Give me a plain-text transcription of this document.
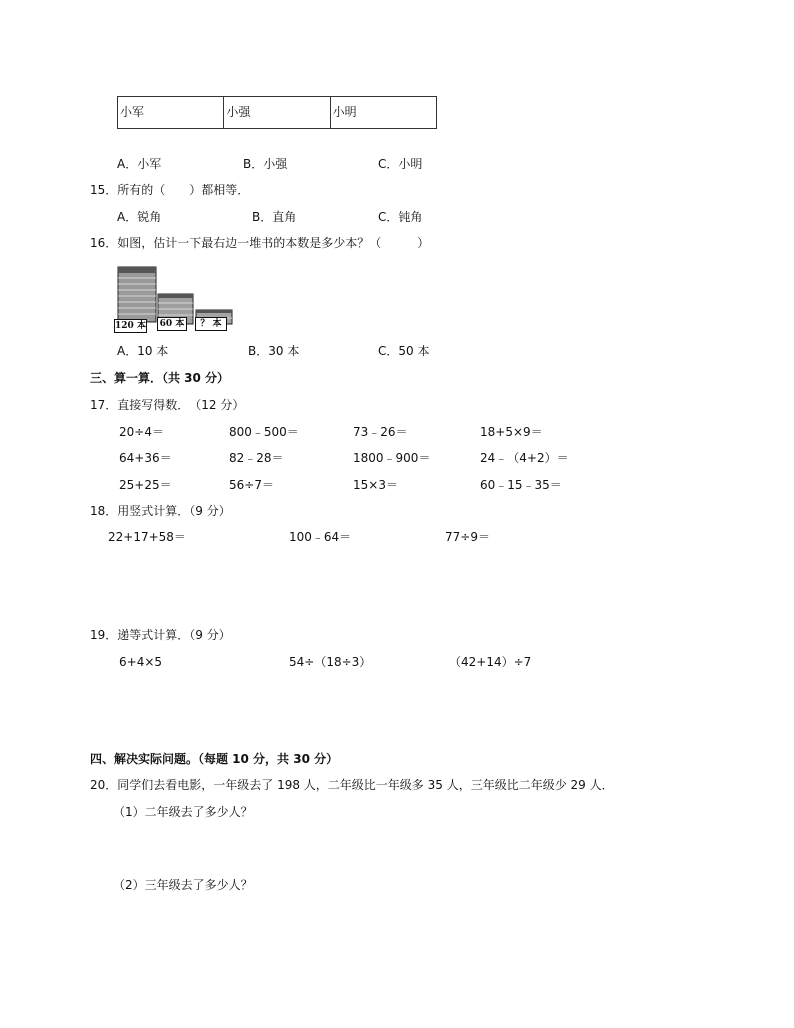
小军	小强	小明
A．小军	B．小强	C．小明
15．所有的（　　）都相等．
A．锐角	B．直角	C．钝角
16．如图，估计一下最右边一堆书的本数是多少本？（　　　）
120 本 60 本	？ 本
A．10 本	B．30 本	C．50 本
三、算一算．（共 30 分）
17．直接写得数．　（12 分）
20÷4＝	800﹣500＝	73﹣26＝	18+5×9＝
64+36＝	82﹣28＝	1800﹣900＝	24﹣（4+2）＝
25+25＝	56÷7＝	15×3＝	60﹣15﹣35＝
18．用竖式计算．（9 分）
22+17+58＝	100﹣64＝	77÷9＝
19．递等式计算．（9 分）
6+4×5	54÷（18÷3）	（42+14）÷7
四、解决实际问题。（每题 10 分，共 30 分）
20．同学们去看电影，一年级去了 198 人，二年级比一年级多 35 人，三年级比二年级少 29 人．
（1）二年级去了多少人？
（2）三年级去了多少人？
